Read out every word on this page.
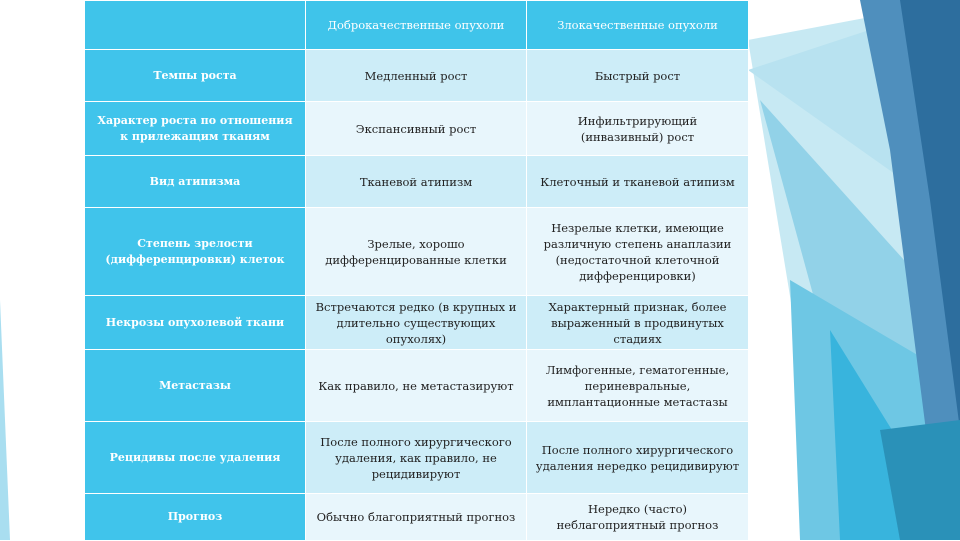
	Доброкачественные опухоли	Злокачественные опухоли
Темпы роста	Медленный рост	Быстрый рост
Характер роста по отношения к прилежащим тканям	Экспансивный рост	Инфильтрирующий (инвазивный) рост
Вид атипизма	Тканевой атипизм	Клеточный и тканевой атипизм
Степень зрелости (дифференцировки) клеток	Зрелые, хорошо дифференцированные клетки	Незрелые клетки, имеющие различную степень анаплазии (недостаточной клеточной дифференцировки)
Некрозы опухолевой ткани	Встречаются редко (в крупных и длительно существующих опухолях)	Характерный признак, более выраженный в продвинутых стадиях
Метастазы	Как правило, не метастазируют	Лимфогенные, гематогенные, периневральные, имплантационные метастазы
Рецидивы после удаления	После полного хирургического удаления, как правило, не рецидивируют	После полного хирургического удаления нередко рецидивируют
Прогноз	Обычно благоприятный прогноз	Нередко (часто) неблагоприятный прогноз
